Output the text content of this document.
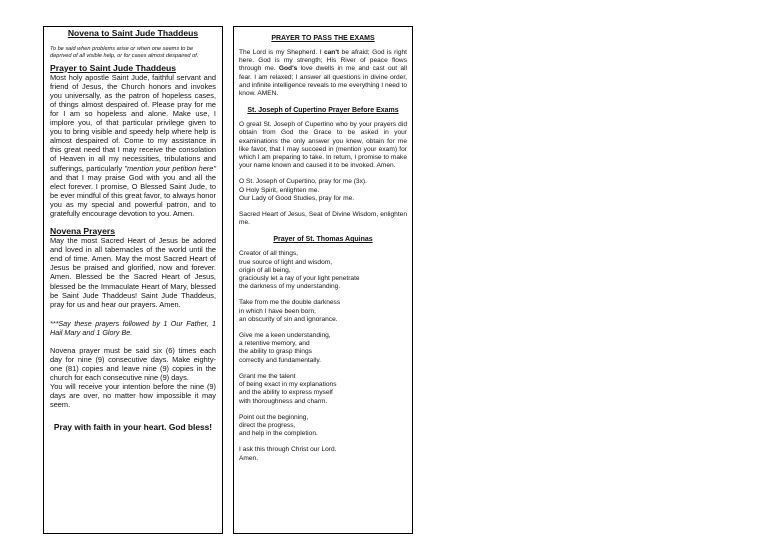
Novena to Saint Jude Thaddeus

To be said when problems arise or when one seems to be deprived of all visible help, or for cases almost despaired of.

Prayer to Saint Jude Thaddeus

Most holy apostle Saint Jude, faithful servant and friend of Jesus, the Church honors and invokes you universally, as the patron of hopeless cases, of things almost despaired of. Please pray for me for I am so hopeless and alone. Make use, I implore you, of that particular privilege given to you to bring visible and speedy help where help is almost despaired of. Come to my assistance in this great need that I may receive the consolation of Heaven in all my necessities, tribulations and sufferings, particularly "mention your petition here" and that I may praise God with you and all the elect forever. I promise, O Blessed Saint Jude, to be ever mindful of this great favor, to always honor you as my special and powerful patron, and to gratefully encourage devotion to you. Amen.

Novena Prayers

May the most Sacred Heart of Jesus be adored and loved in all tabernacles of the world until the end of time. Amen. May the most Sacred Heart of Jesus be praised and glorified, now and forever. Amen. Blessed be the Sacred Heart of Jesus, blessed be the Immaculate Heart of Mary, blessed be Saint Jude Thaddeus! Saint Jude Thaddeus, pray for us and hear our prayers. Amen.

***Say these prayers followed by 1 Our Father, 1 Hail Mary and 1 Glory Be.

Novena prayer must be said six (6) times each day for nine (9) consecutive days. Make eighty-one (81) copies and leave nine (9) copies in the church for each consecutive nine (9) days.

You will receive your intention before the nine (9) days are over, no matter how impossible it may seem.

Pray with faith in your heart. God bless!

PRAYER TO PASS THE EXAMS

The Lord is my Shepherd. I can't be afraid; God is right here. God is my strength; His River of peace flows through me. God's love dwells in me and cast out all fear. I am relaxed; I answer all questions in divine order, and infinite intelligence reveals to me everything I need to know. AMEN.

St. Joseph of Cupertino Prayer Before Exams

O great St. Joseph of Cupertino who by your prayers did obtain from God the Grace to be asked in your examinations the only answer you knew, obtain for me like favor, that I may succeed in (mention your exam) for which I am preparing to take. In return, I promise to make your name known and caused it to be invoked. Amen.

O St. Joseph of Cupertino, pray for me (3x).
O Holy Spirit, enlighten me.
Our Lady of Good Studies, pray for me.

Sacred Heart of Jesus, Seat of Divine Wisdom, enlighten me.

Prayer of St. Thomas Aquinas

Creator of all things,
true source of light and wisdom,
origin of all being,
graciously let a ray of your light penetrate
the darkness of my understanding.

Take from me the double darkness
in which I have been born,
an obscurity of sin and ignorance.

Give me a keen understanding,
a retentive memory, and
the ability to grasp things
correctly and fundamentally.

Grant me the talent
of being exact in my explanations
and the ability to express myself
with thoroughness and charm.

Point out the beginning,
direct the progress,
and help in the completion.

I ask this through Christ our Lord.
Amen.
